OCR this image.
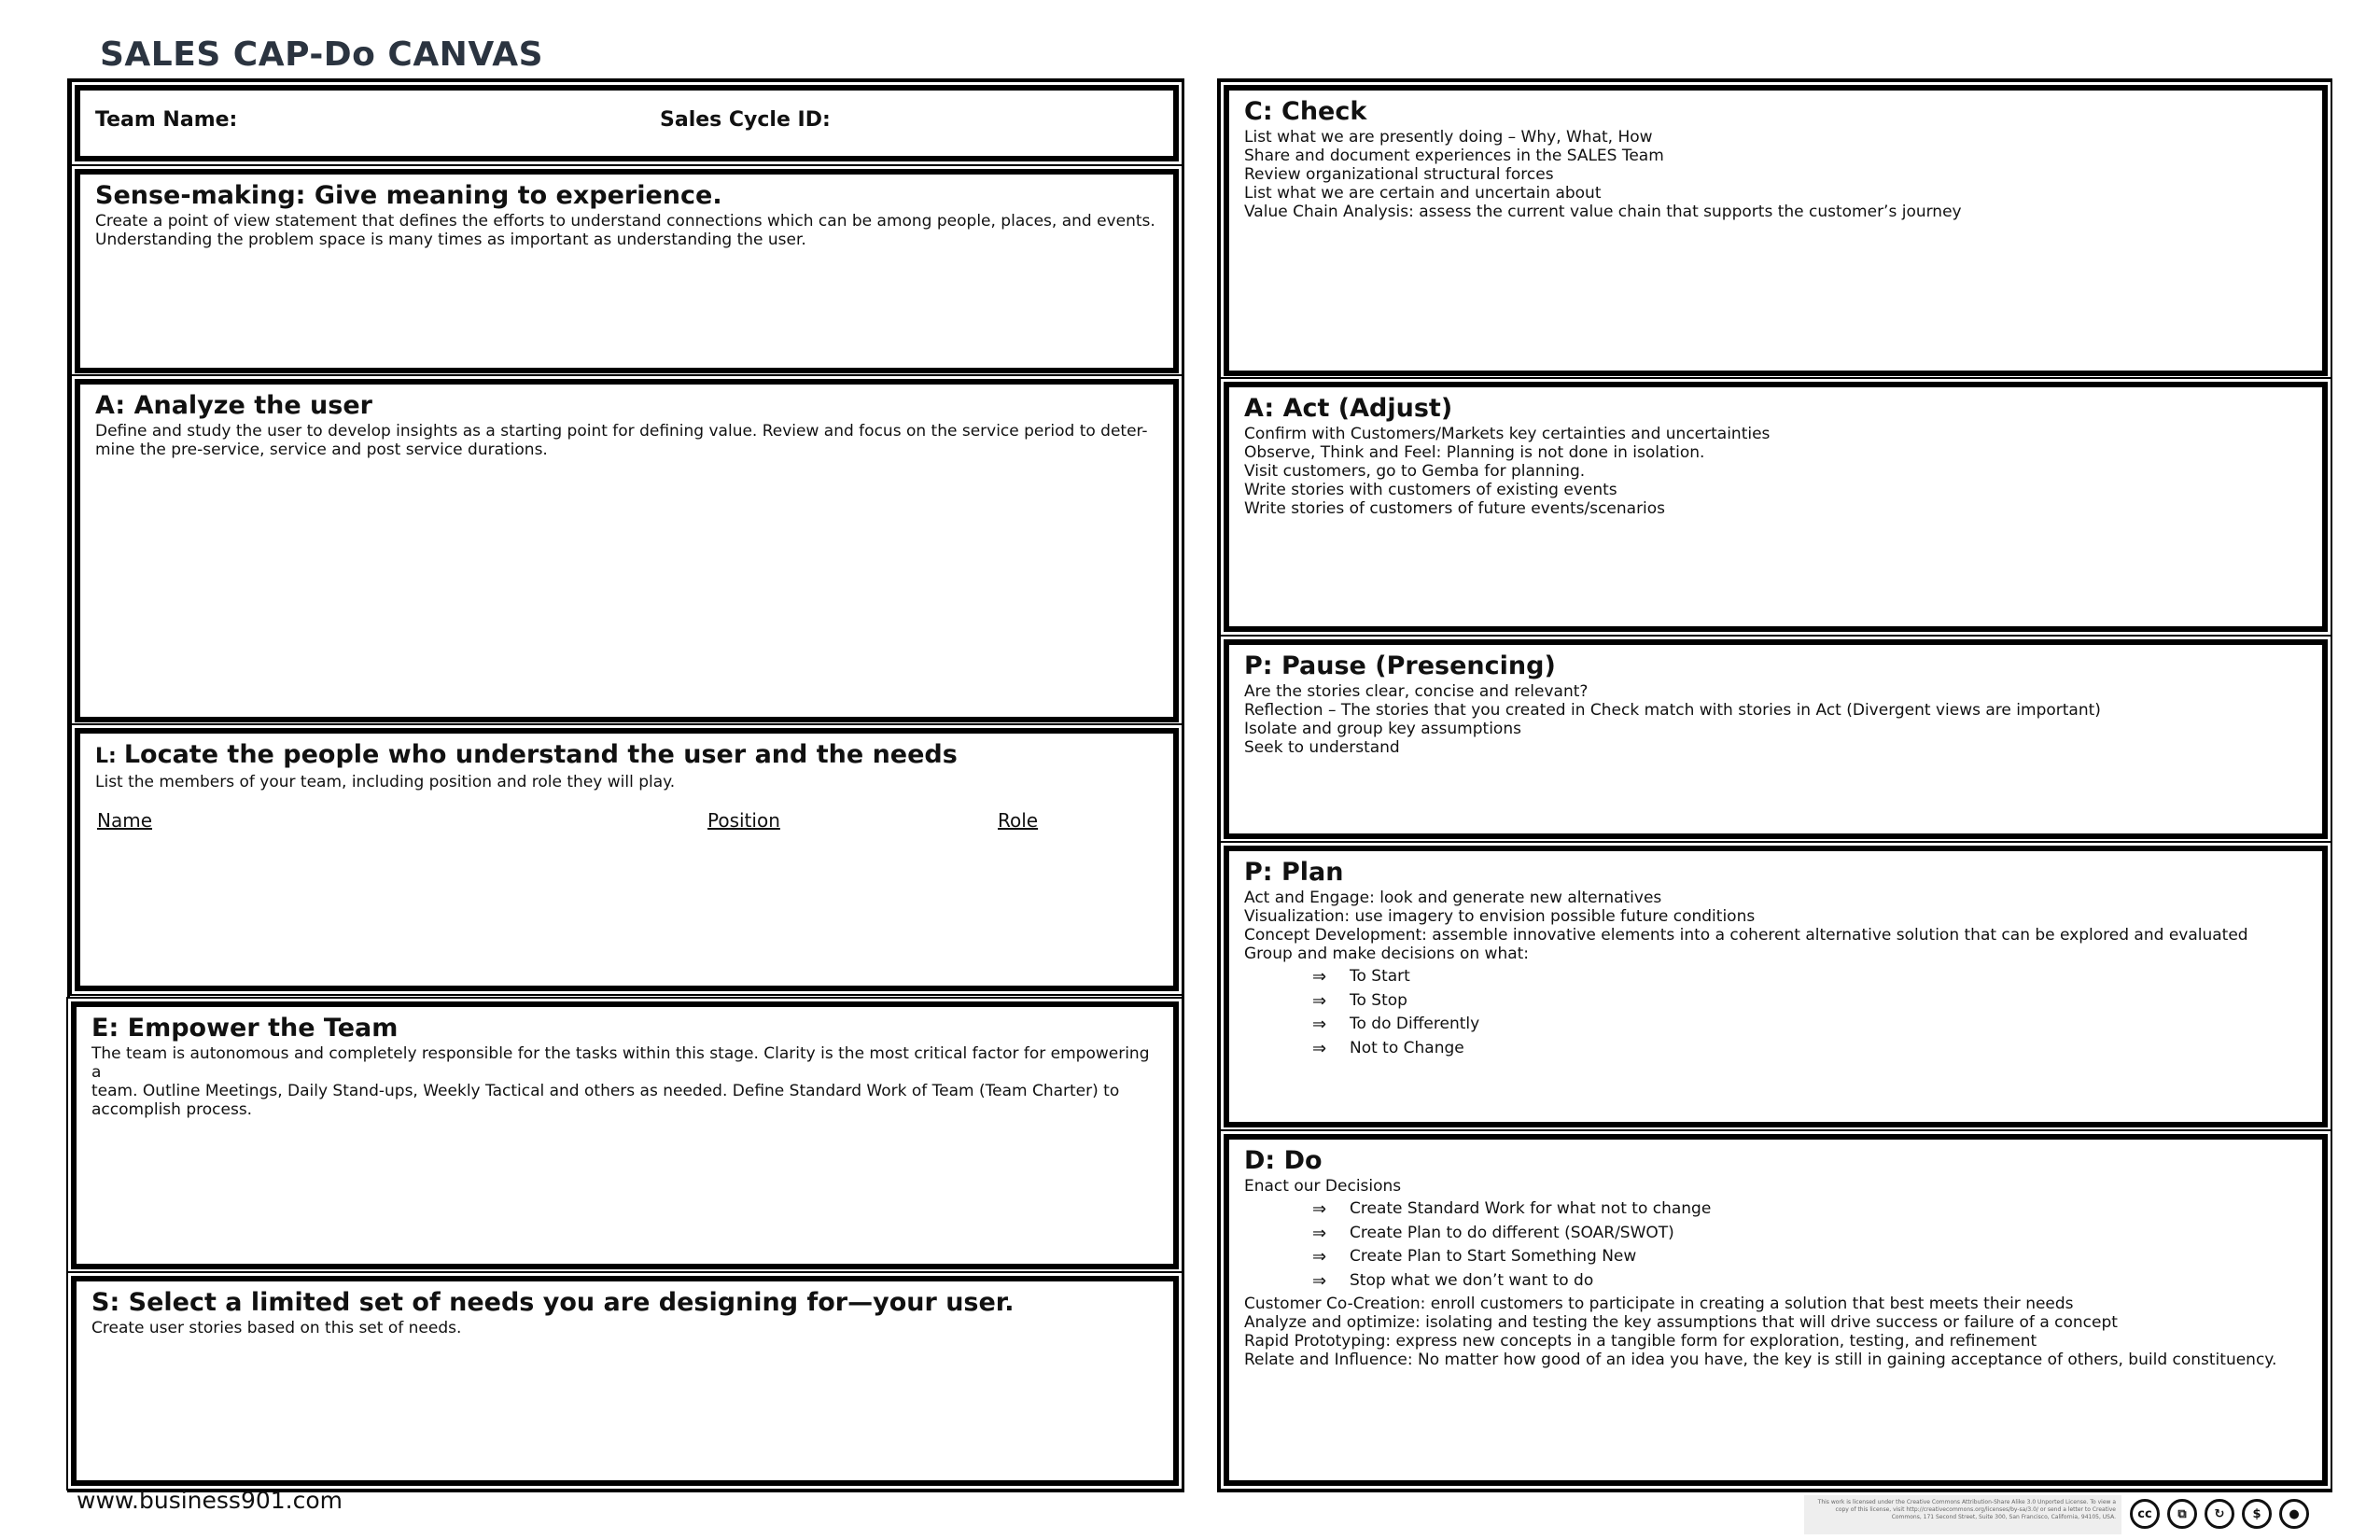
SALES CAP-Do CANVAS
Team Name:	Sales Cycle ID:
Sense-making: Give meaning to experience.

Create a point of view statement that defines the efforts to understand connections which can be among people, places, and events.
Understanding the problem space is many times as important as understanding the user.

A: Analyze the user

Define and study the user to develop insights as a starting point for defining value. Review and focus on the service period to deter-
mine the pre-service, service and post service durations.

L: Locate the people who understand the user and the needs

List the members of your team, including position and role they will play.

Name	Position	Role
E: Empower the Team

The team is autonomous and completely responsible for the tasks within this stage. Clarity is the most critical factor for empowering a
team. Outline Meetings, Daily Stand-ups, Weekly Tactical and others as needed. Define Standard Work of Team (Team Charter) to
accomplish process.

S: Select a limited set of needs you are designing for—your user.

Create user stories based on this set of needs.

C: Check
List what we are presently doing – Why, What, How
Share and document experiences in the SALES Team
Review organizational structural forces
List what we are certain and uncertain about
Value Chain Analysis: assess the current value chain that supports the customer’s journey
A: Act (Adjust)
Confirm with Customers/Markets key certainties and uncertainties
Observe, Think and Feel: Planning is not done in isolation.
Visit customers, go to Gemba for planning.
Write stories with customers of existing events
Write stories of customers of future events/scenarios
P: Pause (Presencing)
Are the stories clear, concise and relevant?
Reflection – The stories that you created in Check match with stories in Act (Divergent views are important)
Isolate and group key assumptions
Seek to understand
P: Plan
Act and Engage: look and generate new alternatives
Visualization: use imagery to envision possible future conditions
Concept Development: assemble innovative elements into a coherent alternative solution that can be explored and evaluated
Group and make decisions on what:
⇒	To Start
⇒	To Stop
⇒	To do Differently
⇒	Not to Change
D: Do

Enact our Decisions

⇒	Create Standard Work for what not to change
⇒	Create Plan to do different (SOAR/SWOT)
⇒	Create Plan to Start Something New
⇒	Stop what we don’t want to do
Customer Co-Creation: enroll customers to participate in creating a solution that best meets their needs
Analyze and optimize: isolating and testing the key assumptions that will drive success or failure of a concept
Rapid Prototyping: express new concepts in a tangible form for exploration, testing, and refinement
Relate and Influence: No matter how good of an idea you have, the key is still in gaining acceptance of others, build constituency.
www.business901.com	This work is licensed under the Creative Commons Attribution-Share Alike 3.0 Unported License. To view a copy of this license, visit http://creativecommons.org/licenses/by-sa/3.0/ or send a letter to Creative Commons, 171 Second Street, Suite 300, San Francisco, California, 94105, USA.	cc	⧉	↻	$	●
